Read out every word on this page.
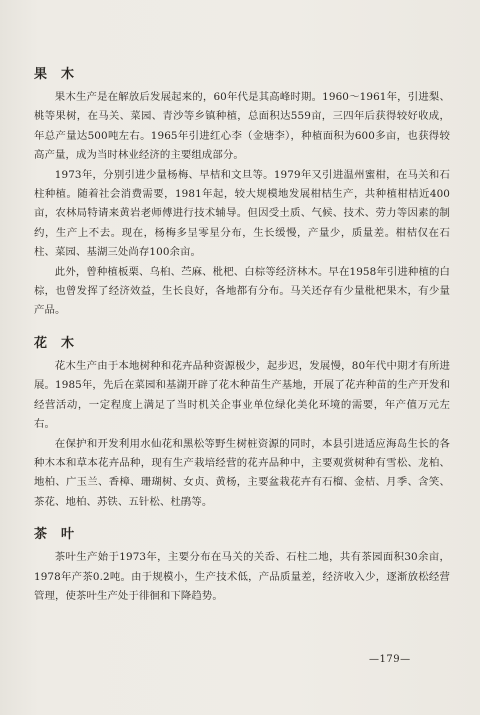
果木

果木生产是在解放后发展起来的，60年代是其高峰时期。1960～1961年，引进梨、桃等果树，在马关、菜园、青沙等乡镇种植，总面积达559亩，三四年后获得较好收成，年总产量达500吨左右。1965年引进红心李（金塘李），种植面积为600多亩，也获得较高产量，成为当时林业经济的主要组成部分。

1973年，分别引进少量杨梅、早桔和文旦等。1979年又引进温州蜜柑，在马关和石柱种植。随着社会消费需要，1981年起，较大规模地发展柑桔生产，共种植柑桔近400亩，农林局特请来黄岩老师傅进行技术辅导。但因受土质、气候、技术、劳力等因素的制约，生产上不去。现在，杨梅多呈零星分布，生长缓慢，产量少，质量差。柑桔仅在石柱、菜园、基湖三处尚存100余亩。

此外，曾种植板栗、乌桕、苎麻、枇杷、白棕等经济林木。早在1958年引进种植的白棕，也曾发挥了经济效益，生长良好，各地都有分布。马关还存有少量枇杷果木，有少量产品。

花木

花木生产由于本地树种和花卉品种资源极少，起步迟，发展慢，80年代中期才有所进展。1985年，先后在菜园和基湖开辟了花木种苗生产基地，开展了花卉种苗的生产开发和经营活动，一定程度上满足了当时机关企事业单位绿化美化环境的需要，年产值万元左右。

在保护和开发利用水仙花和黑松等野生树桩资源的同时，本县引进适应海岛生长的各种木本和草本花卉品种，现有生产栽培经营的花卉品种中，主要观赏树种有雪松、龙柏、地柏、广玉兰、香樟、珊瑚树、女贞、黄杨，主要盆栽花卉有石榴、金桔、月季、含笑、茶花、地柏、苏铁、五针松、杜鹃等。

茶叶

茶叶生产始于1973年，主要分布在马关的关岙、石柱二地，共有茶园面积30余亩，1978年产茶0.2吨。由于规模小，生产技术低，产品质量差，经济收入少，逐渐放松经营管理，使茶叶生产处于徘徊和下降趋势。

—179—
